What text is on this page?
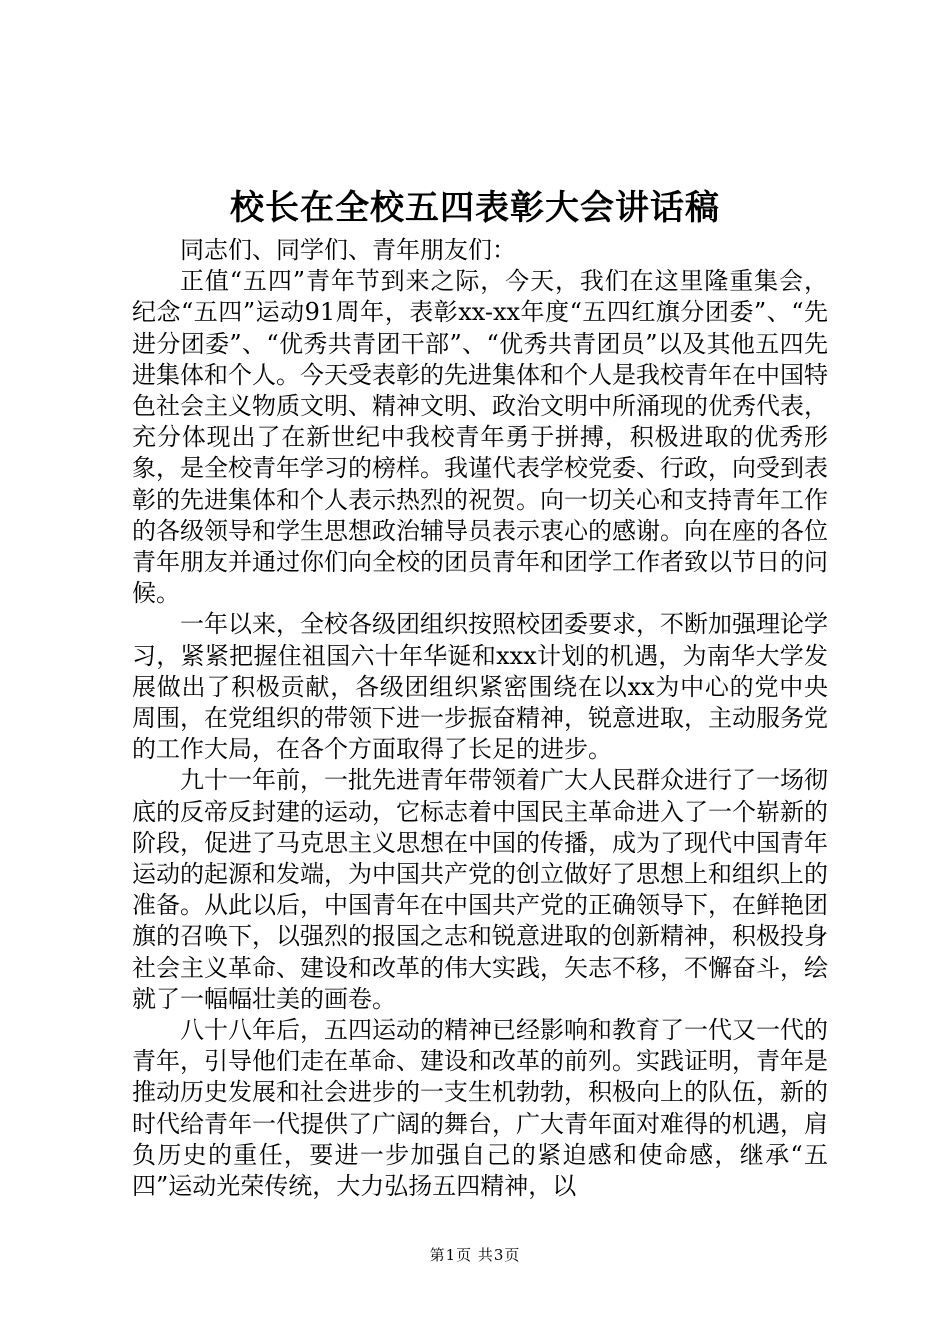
校长在全校五四表彰大会讲话稿

同志们、同学们、青年朋友们：

正值“五四”青年节到来之际，今天，我们在这里隆重集会，纪念“五四”运动91周年，表彰xx-xx年度“五四红旗分团委”、“先进分团委”、“优秀共青团干部”、“优秀共青团员”以及其他五四先进集体和个人。今天受表彰的先进集体和个人是我校青年在中国特色社会主义物质文明、精神文明、政治文明中所涌现的优秀代表，充分体现出了在新世纪中我校青年勇于拼搏，积极进取的优秀形象，是全校青年学习的榜样。我谨代表学校党委、行政，向受到表彰的先进集体和个人表示热烈的祝贺。向一切关心和支持青年工作的各级领导和学生思想政治辅导员表示衷心的感谢。向在座的各位青年朋友并通过你们向全校的团员青年和团学工作者致以节日的问候。

一年以来，全校各级团组织按照校团委要求，不断加强理论学习，紧紧把握住祖国六十年华诞和xxx计划的机遇，为南华大学发展做出了积极贡献，各级团组织紧密围绕在以xx为中心的党中央周围，在党组织的带领下进一步振奋精神，锐意进取，主动服务党的工作大局，在各个方面取得了长足的进步。

九十一年前，一批先进青年带领着广大人民群众进行了一场彻底的反帝反封建的运动，它标志着中国民主革命进入了一个崭新的阶段，促进了马克思主义思想在中国的传播，成为了现代中国青年运动的起源和发端，为中国共产党的创立做好了思想上和组织上的准备。从此以后，中国青年在中国共产党的正确领导下，在鲜艳团旗的召唤下，以强烈的报国之志和锐意进取的创新精神，积极投身社会主义革命、建设和改革的伟大实践，矢志不移，不懈奋斗，绘就了一幅幅壮美的画卷。

八十八年后，五四运动的精神已经影响和教育了一代又一代的青年，引导他们走在革命、建设和改革的前列。实践证明，青年是推动历史发展和社会进步的一支生机勃勃，积极向上的队伍，新的时代给青年一代提供了广阔的舞台，广大青年面对难得的机遇，肩负历史的重任，要进一步加强自己的紧迫感和使命感，继承“五四”运动光荣传统，大力弘扬五四精神，以

第1页 共3页
